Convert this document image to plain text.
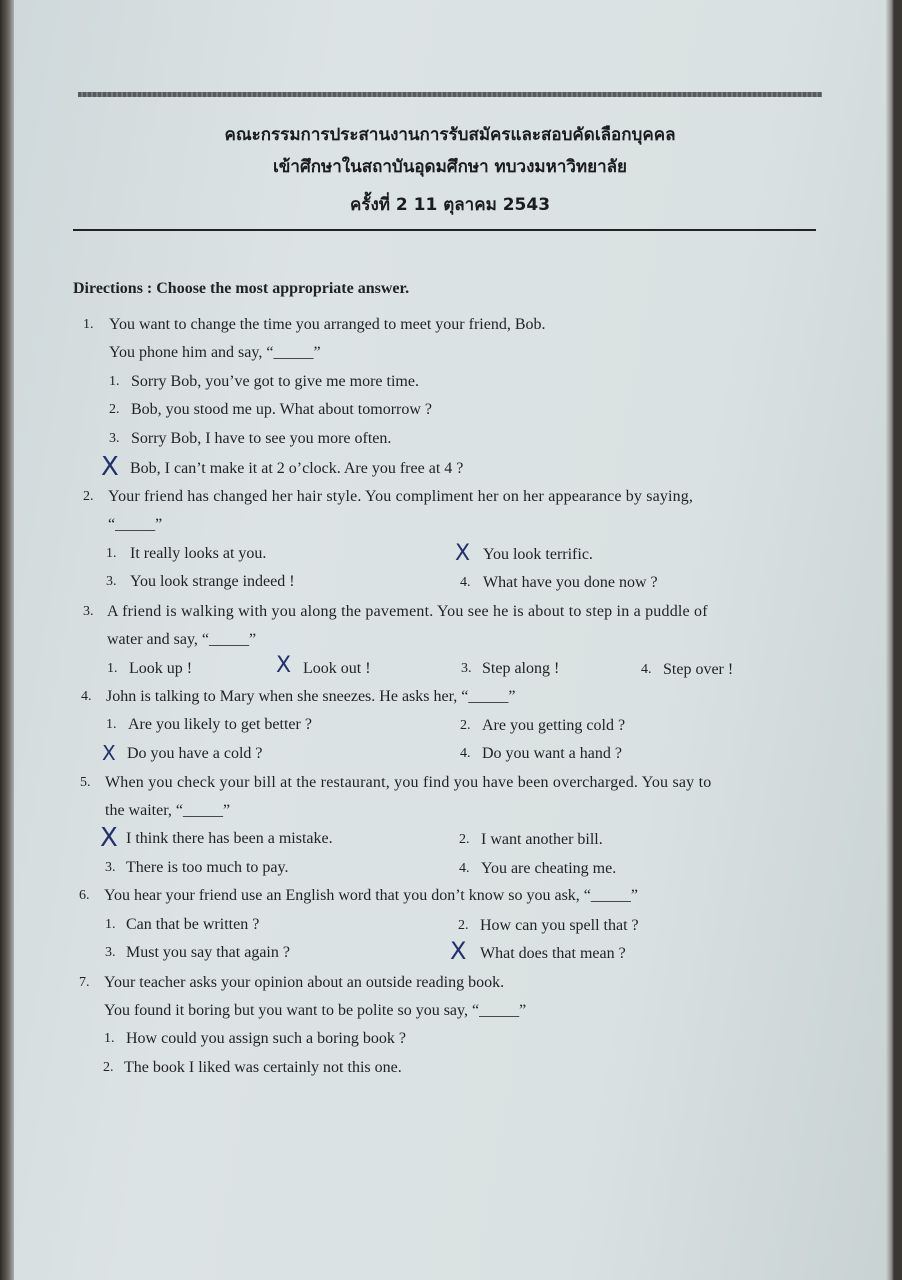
คณะกรรมการประสานงานการรับสมัครและสอบคัดเลือกบุคคล
เข้าศึกษาในสถาบันอุดมศึกษา ทบวงมหาวิทยาลัย
ครั้งที่ 2 11 ตุลาคม 2543
Directions : Choose the most appropriate answer.
1. You want to change the time you arranged to meet your friend, Bob.
You phone him and say, “_____”
1. Sorry Bob, you’ve got to give me more time.
2. Bob, you stood me up. What about tomorrow ?
3. Sorry Bob, I have to see you more often.
X Bob, I can’t make it at 2 o’clock. Are you free at 4 ?
2. Your friend has changed her hair style. You compliment her on her appearance by saying,
“_____”
1. It really looks at you.	X You look terrific.
3. You look strange indeed !	4. What have you done now ?
3. A friend is walking with you along the pavement. You see he is about to step in a puddle of
water and say, “_____”
1. Look up !	X Look out !	3. Step along !	4. Step over !
4. John is talking to Mary when she sneezes. He asks her, “_____”
1. Are you likely to get better ?	2. Are you getting cold ?
X Do you have a cold ?	4. Do you want a hand ?
5. When you check your bill at the restaurant, you find you have been overcharged. You say to
the waiter, “_____”
X I think there has been a mistake.	2. I want another bill.
3. There is too much to pay.	4. You are cheating me.
6. You hear your friend use an English word that you don’t know so you ask, “_____”
1. Can that be written ?	2. How can you spell that ?
3. Must you say that again ?	X What does that mean ?
7. Your teacher asks your opinion about an outside reading book.
You found it boring but you want to be polite so you say, “_____”
1. How could you assign such a boring book ?
2. The book I liked was certainly not this one.
